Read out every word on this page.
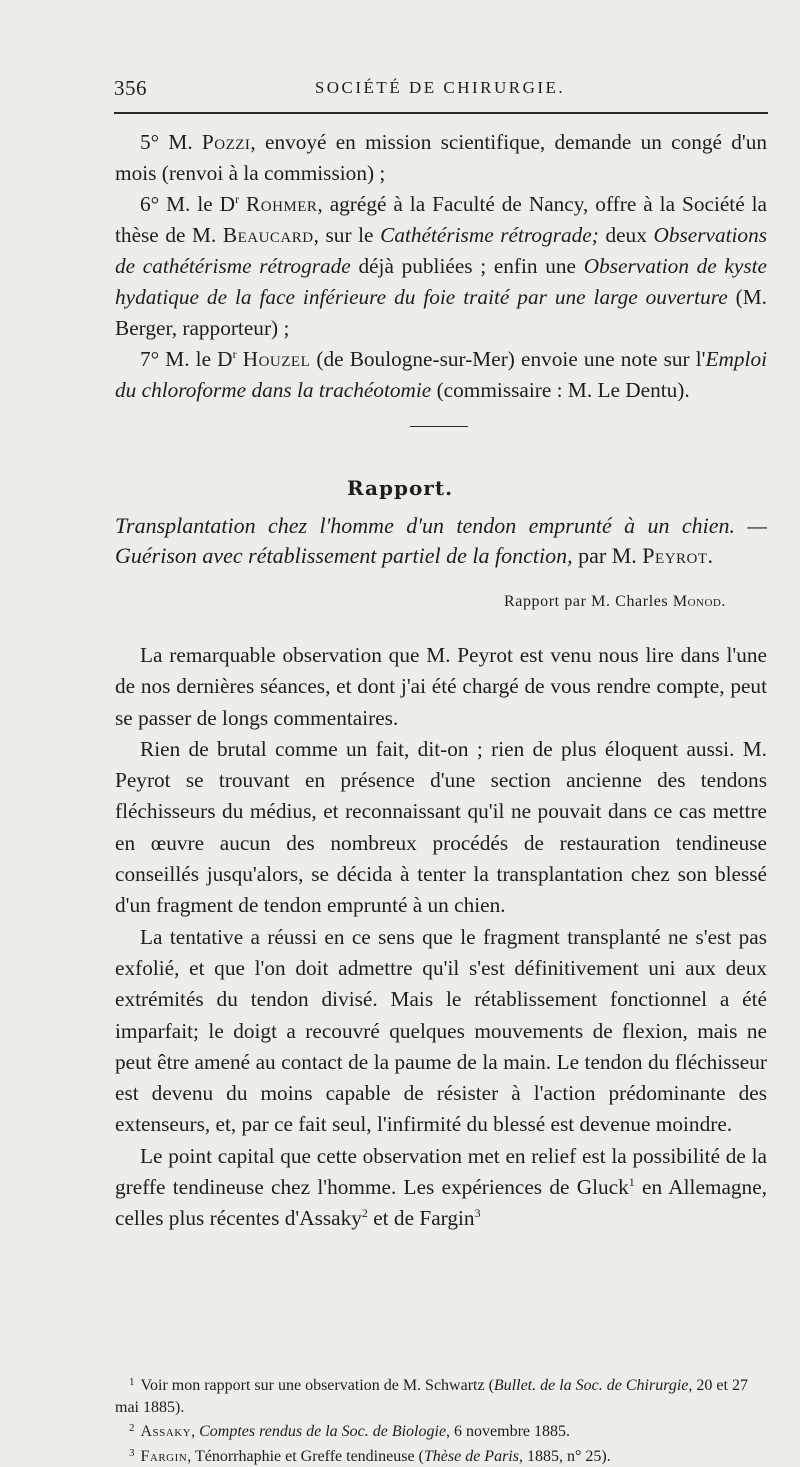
356	SOCIÉTÉ DE CHIRURGIE.

5° M. Pozzi, envoyé en mission scientifique, demande un congé d'un mois (renvoi à la commission) ;

6° M. le $D^r$ Rohmer, agrégé à la Faculté de Nancy, offre à la Société la thèse de M. Beaucard, sur le Cathétérisme rétrograde; deux Observations de cathétérisme rétrograde déjà publiées ; enfin une Observation de kyste hydatique de la face inférieure du foie traité par une large ouverture (M. Berger, rapporteur) ;

7° M. le $D^r$ Houzel (de Boulogne-sur-Mer) envoie une note sur l'Emploi du chloroforme dans la trachéotomie (commissaire : M. Le Dentu).

Rapport.

Transplantation chez l'homme d'un tendon emprunté à un chien. — Guérison avec rétablissement partiel de la fonction, par M. Peyrot.

Rapport par M. Charles Monod.

La remarquable observation que M. Peyrot est venu nous lire dans l'une de nos dernières séances, et dont j'ai été chargé de vous rendre compte, peut se passer de longs commentaires.

Rien de brutal comme un fait, dit-on ; rien de plus éloquent aussi. M. Peyrot se trouvant en présence d'une section ancienne des tendons fléchisseurs du médius, et reconnaissant qu'il ne pouvait dans ce cas mettre en œuvre aucun des nombreux procédés de restauration tendineuse conseillés jusqu'alors, se décida à tenter la transplantation chez son blessé d'un fragment de tendon emprunté à un chien.

La tentative a réussi en ce sens que le fragment transplanté ne s'est pas exfolié, et que l'on doit admettre qu'il s'est définitivement uni aux deux extrémités du tendon divisé. Mais le rétablissement fonctionnel a été imparfait; le doigt a recouvré quelques mouvements de flexion, mais ne peut être amené au contact de la paume de la main. Le tendon du fléchisseur est devenu du moins capable de résister à l'action prédominante des extenseurs, et, par ce fait seul, l'infirmité du blessé est devenue moindre.

Le point capital que cette observation met en relief est la possibilité de la greffe tendineuse chez l'homme. Les expériences de Gluck$^1$ en Allemagne, celles plus récentes d'Assaky$^2$ et de Fargin$^3$

$^1$ Voir mon rapport sur une observation de M. Schwartz (Bullet. de la Soc. de Chirurgie, 20 et 27 mai 1885).

$^2$ Assaky, Comptes rendus de la Soc. de Biologie, 6 novembre 1885.

$^3$ Fargin, Ténorrhaphie et Greffe tendineuse (Thèse de Paris, 1885, n° 25).
